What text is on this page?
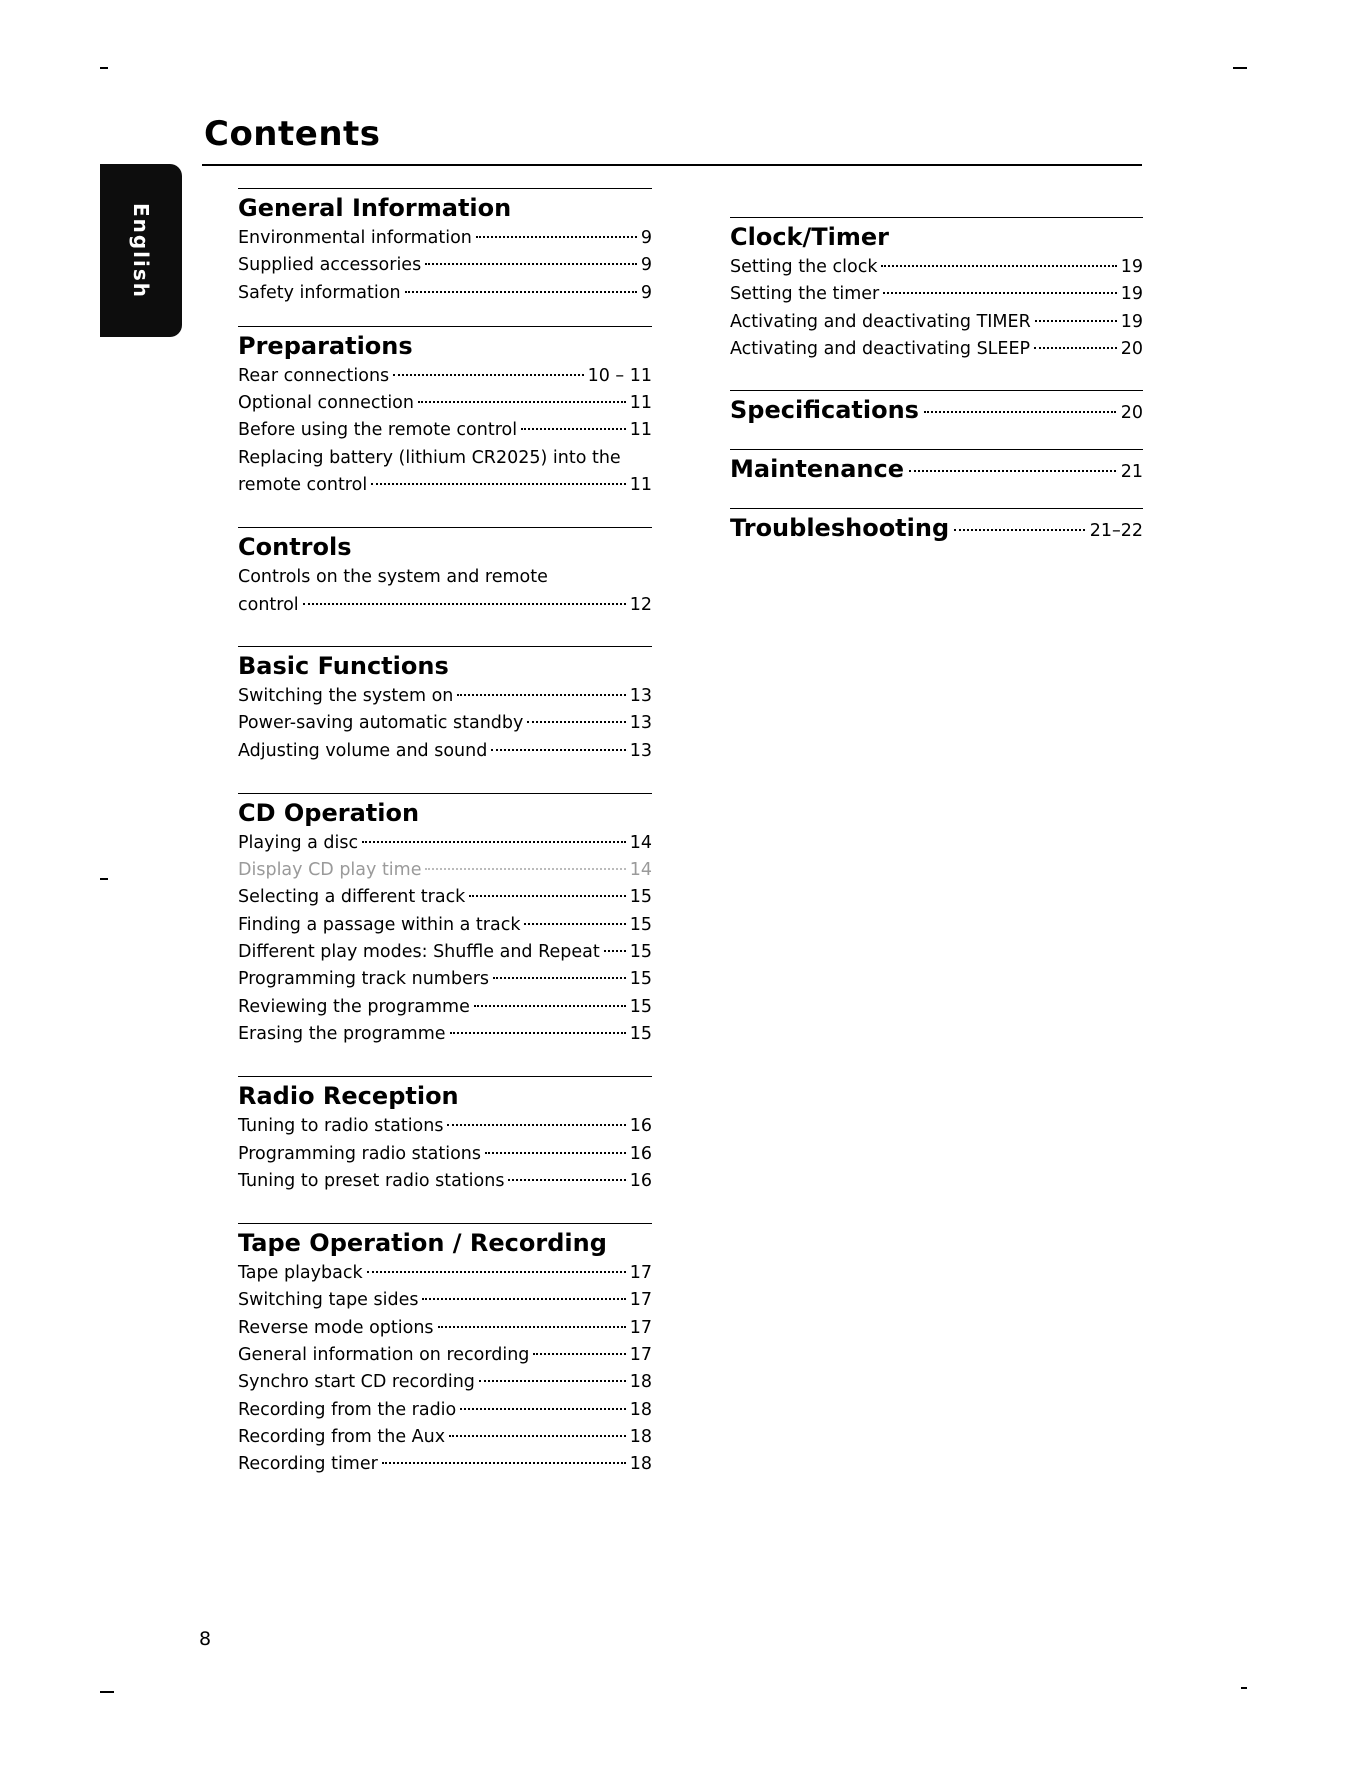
Contents
English	General Information
Environmental information	9
Supplied accessories	9
Safety information	9
Preparations
Rear connections	10 – 11
Optional connection	11
Before using the remote control	11
Replacing battery (lithium CR2025) into the
remote control	11
Controls
Controls on the system and remote
control	12
Basic Functions
Switching the system on	13
Power-saving automatic standby	13
Adjusting volume and sound	13
CD Operation
Playing a disc	14
Display CD play time	14
Selecting a different track	15
Finding a passage within a track	15
Different play modes: Shuffle and Repeat 15
Programming track numbers	15
Reviewing the programme	15
Erasing the programme	15
Radio Reception
Tuning to radio stations	16
Programming radio stations	16
Tuning to preset radio stations	16
Tape Operation / Recording
Tape playback	17
Switching tape sides	17
Reverse mode options	17
General information on recording	17
Synchro start CD recording	18
Recording from the radio	18
Recording from the Aux	18
Recording timer	18
Clock/Timer
Setting the clock	19
Setting the timer	19
Activating and deactivating TIMER	19
Activating and deactivating SLEEP	20
Specifications	20
Maintenance	21
Troubleshooting	21–22
8
